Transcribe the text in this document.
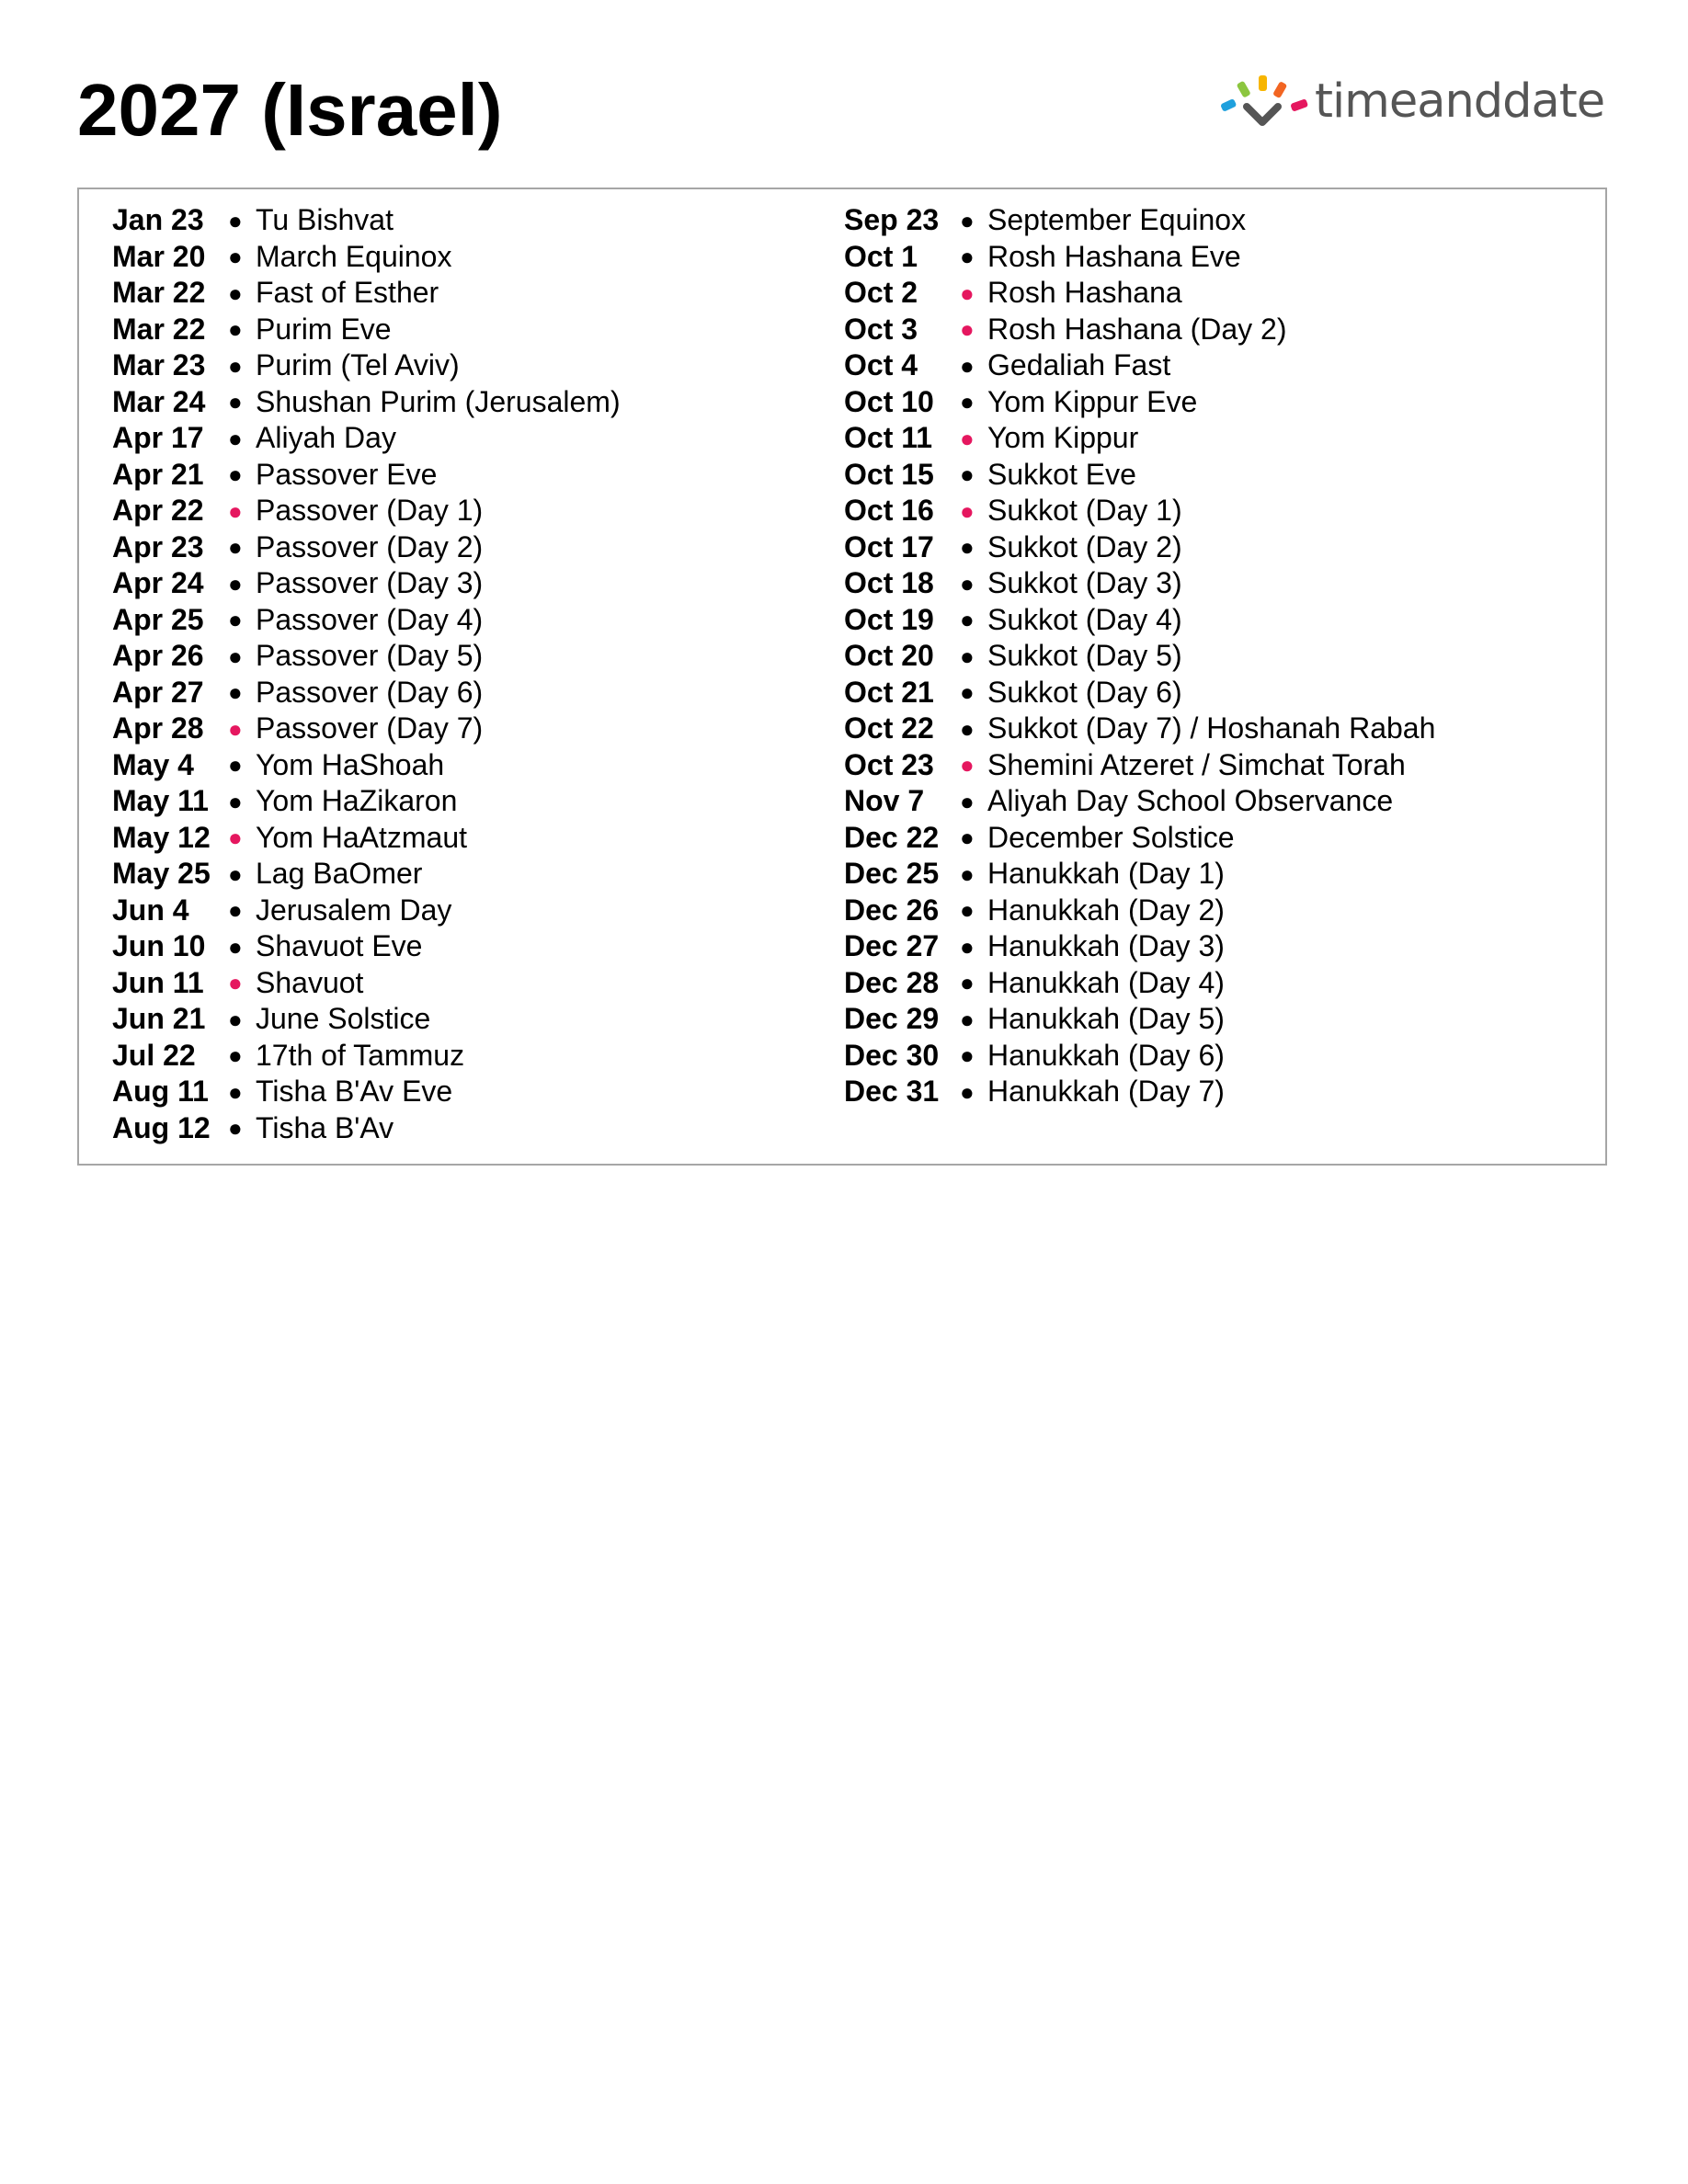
2027 (Israel)	timeanddate
Jan 23	● Tu Bishvat
Mar 20 ● March Equinox
Mar 22 ● Fast of Esther
Mar 22 ● Purim Eve
Mar 23 ● Purim (Tel Aviv)
Mar 24 ● Shushan Purim (Jerusalem)
Apr 17	● Aliyah Day
Apr 21	● Passover Eve
Apr 22	● Passover (Day 1)
Apr 23	● Passover (Day 2)
Apr 24	● Passover (Day 3)
Apr 25	● Passover (Day 4)
Apr 26	● Passover (Day 5)
Apr 27	● Passover (Day 6)
Apr 28	● Passover (Day 7)
May 4	● Yom HaShoah
May 11 ● Yom HaZikaron
May 12 ● Yom HaAtzmaut
May 25 ● Lag BaOmer
Jun 4	● Jerusalem Day
Jun 10 ● Shavuot Eve
Jun 11	● Shavuot
Jun 21 ● June Solstice
Jul 22	● 17th of Tammuz
Aug 11 ● Tisha B'Av Eve
Aug 12 ● Tisha B'Av
Sep 23 ● September Equinox
Oct 1	● Rosh Hashana Eve
Oct 2	● Rosh Hashana
Oct 3	● Rosh Hashana (Day 2)
Oct 4	● Gedaliah Fast
Oct 10	● Yom Kippur Eve
Oct 11	● Yom Kippur
Oct 15	● Sukkot Eve
Oct 16	● Sukkot (Day 1)
Oct 17	● Sukkot (Day 2)
Oct 18	● Sukkot (Day 3)
Oct 19	● Sukkot (Day 4)
Oct 20	● Sukkot (Day 5)
Oct 21	● Sukkot (Day 6)
Oct 22	● Sukkot (Day 7) / Hoshanah Rabah
Oct 23	● Shemini Atzeret / Simchat Torah
Nov 7	● Aliyah Day School Observance
Dec 22 ● December Solstice
Dec 25 ● Hanukkah (Day 1)
Dec 26 ● Hanukkah (Day 2)
Dec 27 ● Hanukkah (Day 3)
Dec 28 ● Hanukkah (Day 4)
Dec 29 ● Hanukkah (Day 5)
Dec 30 ● Hanukkah (Day 6)
Dec 31 ● Hanukkah (Day 7)
